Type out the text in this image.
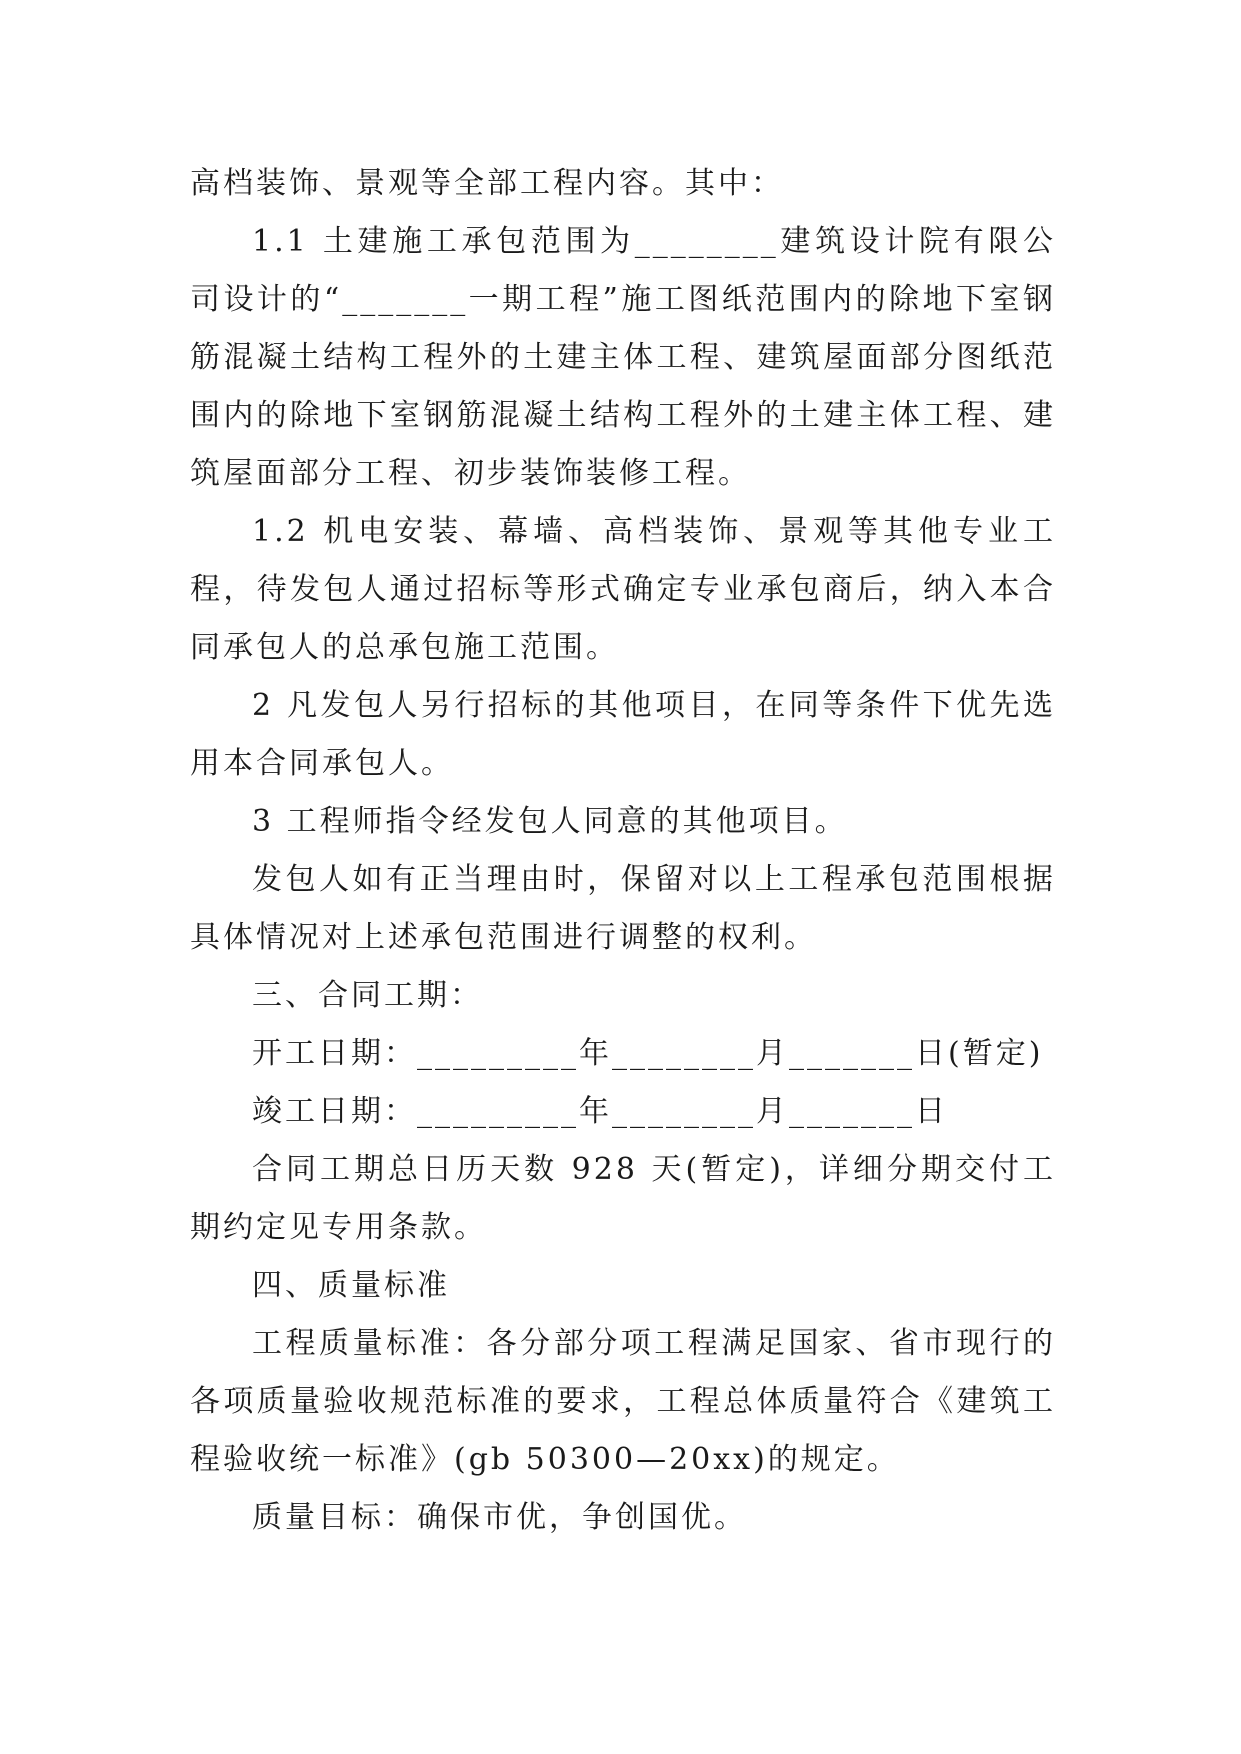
高档装饰、景观等全部工程内容。其中：

1.1 土建施工承包范围为________建筑设计院有限公司设计的“_______一期工程”施工图纸范围内的除地下室钢筋混凝土结构工程外的土建主体工程、建筑屋面部分图纸范围内的除地下室钢筋混凝土结构工程外的土建主体工程、建筑屋面部分工程、初步装饰装修工程。

1.2 机电安装、幕墙、高档装饰、景观等其他专业工程，待发包人通过招标等形式确定专业承包商后，纳入本合同承包人的总承包施工范围。

2 凡发包人另行招标的其他项目，在同等条件下优先选用本合同承包人。

3 工程师指令经发包人同意的其他项目。

发包人如有正当理由时，保留对以上工程承包范围根据具体情况对上述承包范围进行调整的权利。

三、合同工期：

开工日期：_________年________月_______日(暂定)

竣工日期：_________年________月_______日

合同工期总日历天数 928 天(暂定)，详细分期交付工期约定见专用条款。

四、质量标准

工程质量标准：各分部分项工程满足国家、省市现行的各项质量验收规范标准的要求，工程总体质量符合《建筑工程验收统一标准》(gb 50300—20xx)的规定。

质量目标：确保市优，争创国优。
